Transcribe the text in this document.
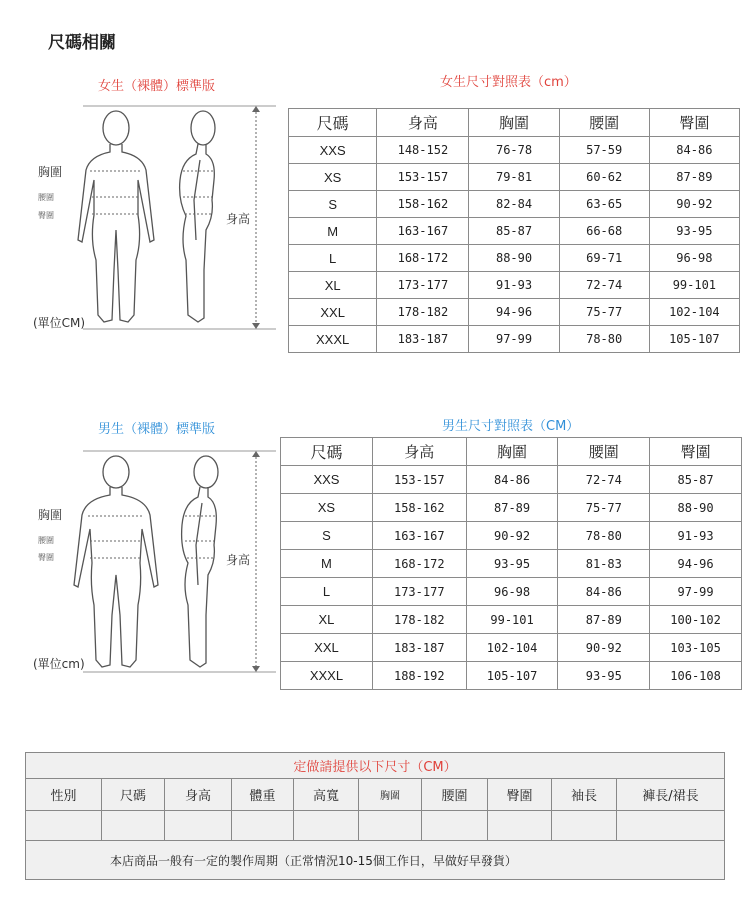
尺碼相關
女生（裸體）標準版	女生尺寸對照表（cm）
胸圍
腰圍
臀圍	身高
(單位CM)
尺碼	身高	胸圍	腰圍	臀圍
XXS	148-152	76-78	57-59	84-86
XS	153-157	79-81	60-62	87-89
S	158-162	82-84	63-65	90-92
M	163-167	85-87	66-68	93-95
L	168-172	88-90	69-71	96-98
XL	173-177	91-93	72-74	99-101
XXL	178-182	94-96	75-77	102-104
XXXL	183-187	97-99	78-80	105-107
男生（裸體）標準版	男生尺寸對照表（CM）
胸圍
腰圍
臀圍	身高
(單位cm)
尺碼	身高	胸圍	腰圍	臀圍
XXS	153-157	84-86	72-74	85-87
XS	158-162	87-89	75-77	88-90
S	163-167	90-92	78-80	91-93
M	168-172	93-95	81-83	94-96
L	173-177	96-98	84-86	97-99
XL	178-182	99-101	87-89	100-102
XXL	183-187	102-104	90-92	103-105
XXXL	188-192	105-107	93-95	106-108
定做請提供以下尺寸（CM）									
性別	尺碼	身高	體重	高寬	胸圍	腰圍	臀圍	袖長	褲長/裙長

本店商品一般有一定的製作周期（正常情況10-15個工作日，早做好早發貨）									
